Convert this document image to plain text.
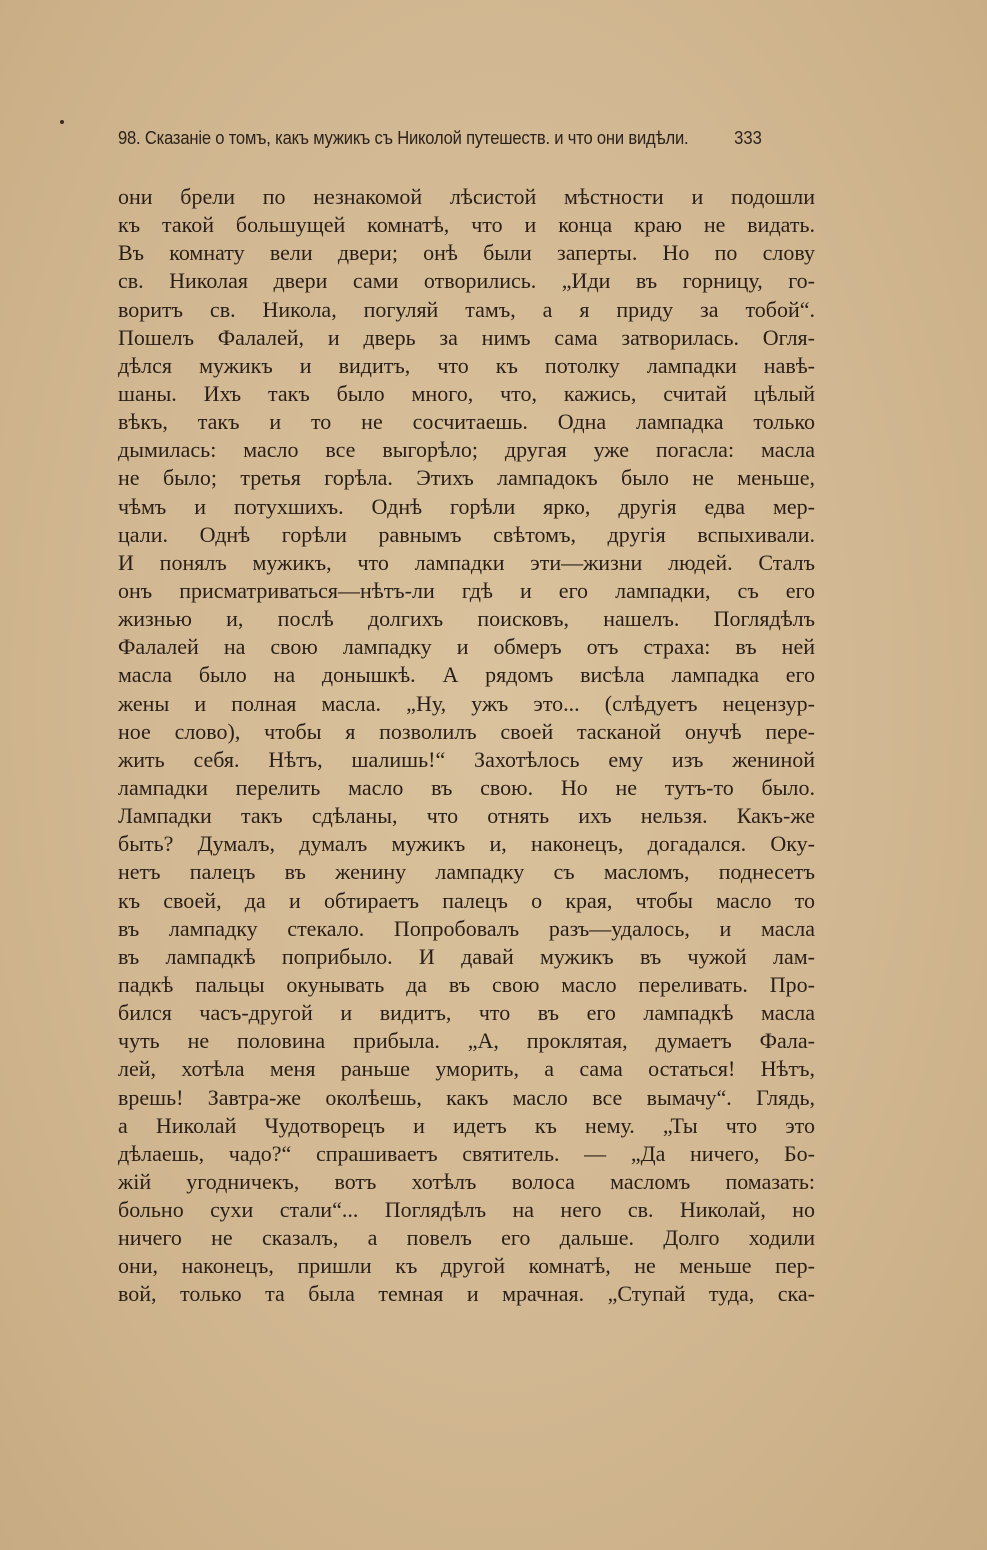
98. Сказаніе о томъ, какъ мужикъ съ Николой путешеств. и что они видѣли.	333
они брели по незнакомой лѣсистой мѣстности и подошли
къ такой большущей комнатѣ, что и конца краю не видать.
Въ комнату вели двери; онѣ были заперты. Но по слову
св. Николая двери сами отворились. „Иди въ горницу, го-
воритъ св. Никола, погуляй тамъ, а я приду за тобой“.
Пошелъ Фалалей, и дверь за нимъ сама затворилась. Огля-
дѣлся мужикъ и видитъ, что къ потолку лампадки навѣ-
шаны. Ихъ такъ было много, что, кажись, считай цѣлый
вѣкъ, такъ и то не сосчитаешь. Одна лампадка только
дымилась: масло все выгорѣло; другая уже погасла: масла
не было; третья горѣла. Этихъ лампадокъ было не меньше,
чѣмъ и потухшихъ. Однѣ горѣли ярко, другія едва мер-
цали. Однѣ горѣли равнымъ свѣтомъ, другія вспыхивали.
И понялъ мужикъ, что лампадки эти—жизни людей. Сталъ
онъ присматриваться—нѣтъ-ли гдѣ и его лампадки, съ его
жизнью и, послѣ долгихъ поисковъ, нашелъ. Поглядѣлъ
Фалалей на свою лампадку и обмеръ отъ страха: въ ней
масла было на донышкѣ. А рядомъ висѣла лампадка его
жены и полная масла. „Ну, ужъ это... (слѣдуетъ нецензур-
ное слово), чтобы я позволилъ своей тасканой онучѣ пере-
жить себя. Нѣтъ, шалишь!“ Захотѣлось ему изъ жениной
лампадки перелить масло въ свою. Но не тутъ-то было.
Лампадки такъ сдѣланы, что отнять ихъ нельзя. Какъ-же
быть? Думалъ, думалъ мужикъ и, наконецъ, догадался. Оку-
нетъ палецъ въ женину лампадку съ масломъ, поднесетъ
къ своей, да и обтираетъ палецъ о края, чтобы масло то
въ лампадку стекало. Попробовалъ разъ—удалось, и масла
въ лампадкѣ поприбыло. И давай мужикъ въ чужой лам-
падкѣ пальцы окунывать да въ свою масло переливать. Про-
бился часъ-другой и видитъ, что въ его лампадкѣ масла
чуть не половина прибыла. „А, проклятая, думаетъ Фала-
лей, хотѣла меня раньше уморить, а сама остаться! Нѣтъ,
врешь! Завтра-же околѣешь, какъ масло все вымачу“. Глядь,
а Николай Чудотворецъ и идетъ къ нему. „Ты что это
дѣлаешь, чадо?“ спрашиваетъ святитель. — „Да ничего, Бо-
жій угодничекъ, вотъ хотѣлъ волоса масломъ помазать:
больно сухи стали“... Поглядѣлъ на него св. Николай, но
ничего не сказалъ, а повелъ его дальше. Долго ходили
они, наконецъ, пришли къ другой комнатѣ, не меньше пер-
вой, только та была темная и мрачная. „Ступай туда, ска-
